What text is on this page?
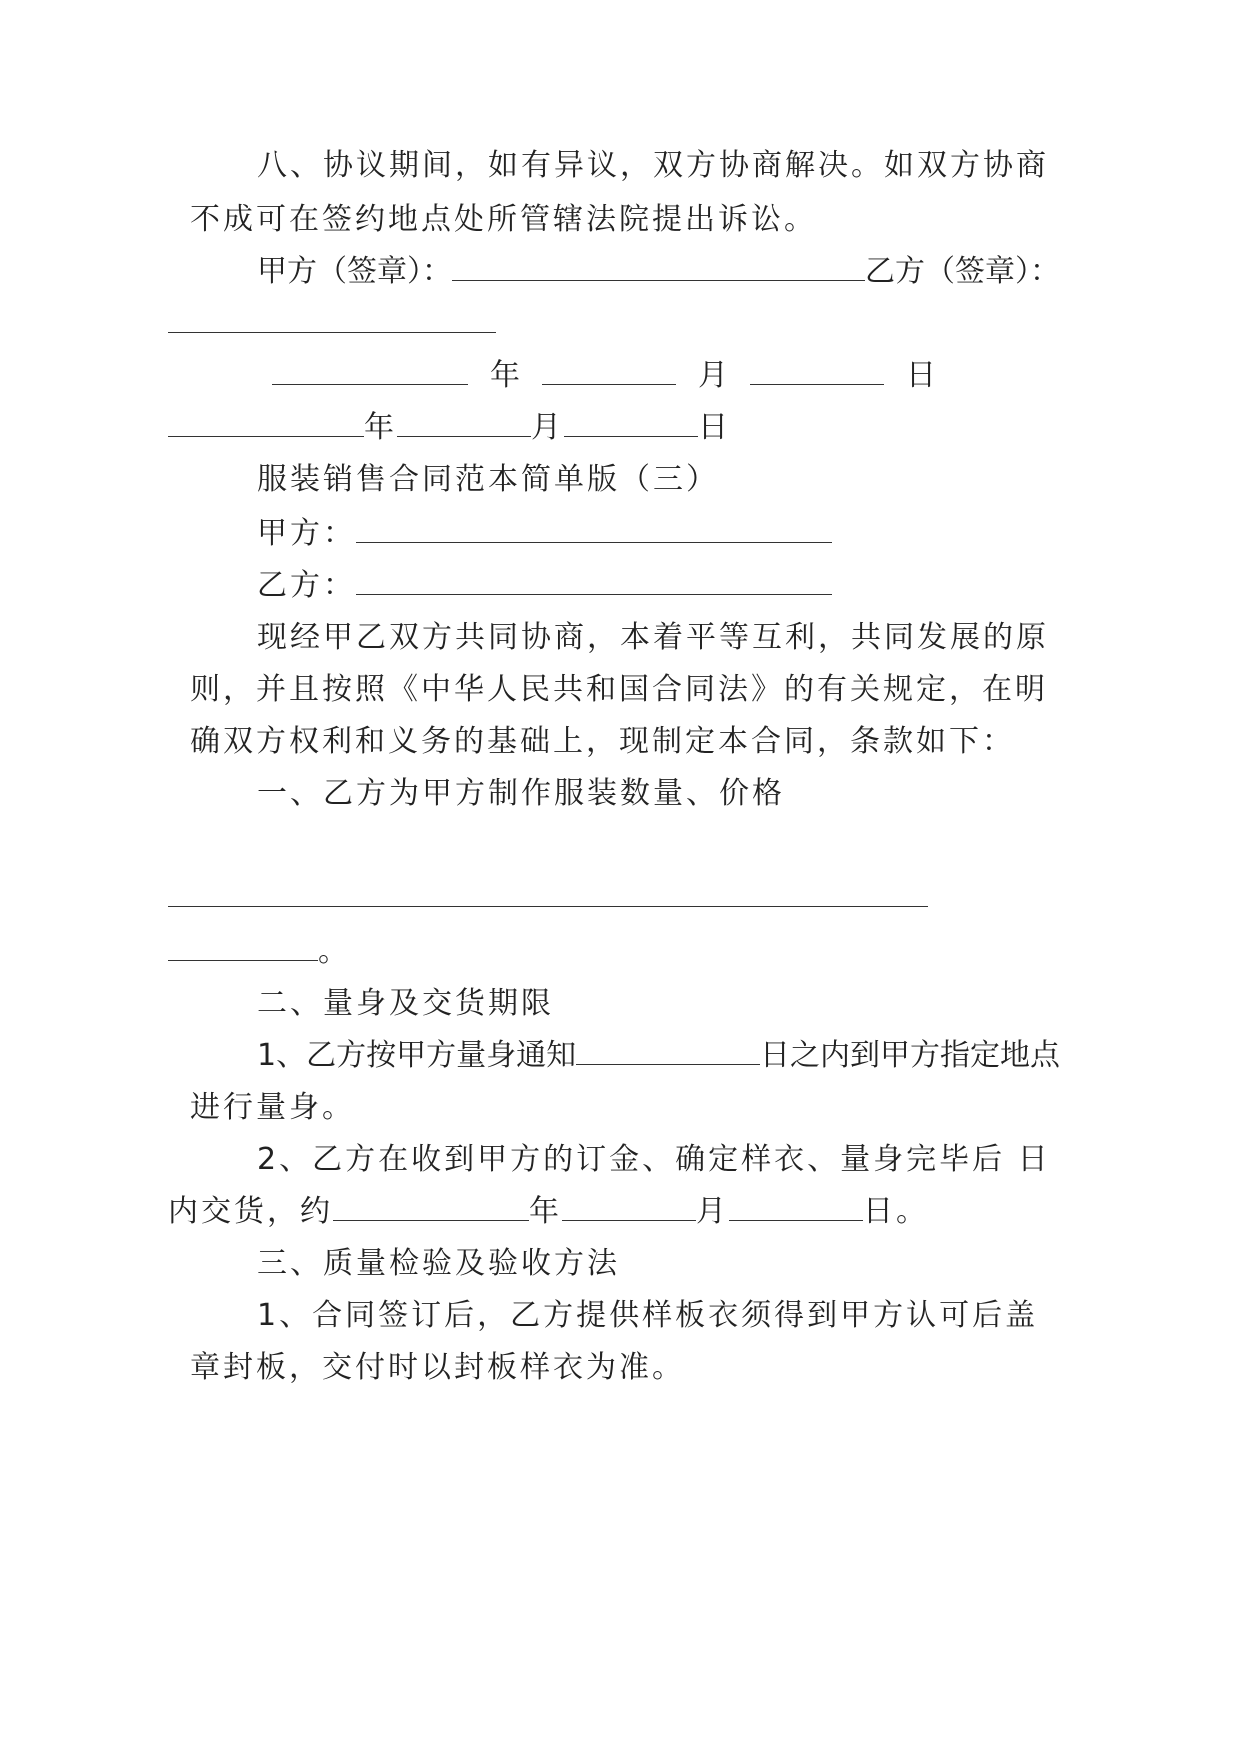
八、协议期间，如有异议，双方协商解决。如双方协商
不成可在签约地点处所管辖法院提出诉讼。
甲方（签章）：	乙方（签章）：
年	月	日
年	月	日
服装销售合同范本简单版（三）
甲方：
乙方：
现经甲乙双方共同协商，本着平等互利，共同发展的原
则，并且按照《中华人民共和国合同法》的有关规定，在明
确双方权利和义务的基础上，现制定本合同，条款如下：
一、乙方为甲方制作服装数量、价格
。
二、量身及交货期限
1、乙方按甲方量身通知	日之内到甲方指定地点
进行量身。
2、乙方在收到甲方的订金、确定样衣、量身完毕后 日
内交货，约	年	月	日。
三、质量检验及验收方法
1、合同签订后，乙方提供样板衣须得到甲方认可后盖
章封板，交付时以封板样衣为准。
